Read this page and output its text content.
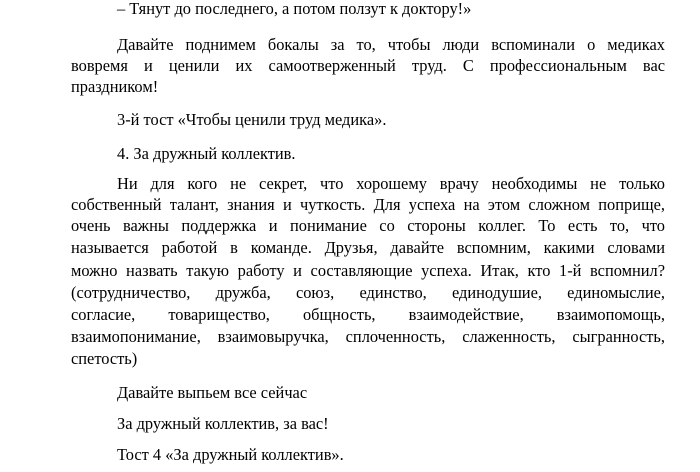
– Тянут до последнего, а потом ползут к доктору!»
Давайте поднимем бокалы за то, чтобы люди вспоминали о медиках
вовремя и ценили их самоотверженный труд. С профессиональным вас
праздником!
3-й тост «Чтобы ценили труд медика».
4. За дружный коллектив.
Ни для кого не секрет, что хорошему врачу необходимы не только
собственный талант, знания и чуткость. Для успеха на этом сложном поприще,
очень важны поддержка и понимание со стороны коллег. То есть то, что
называется работой в команде. Друзья, давайте вспомним, какими словами
можно назвать такую работу и составляющие успеха. Итак, кто 1-й вспомнил?
(сотрудничество, дружба, союз, единство, единодушие, единомыслие,
согласие, товарищество, общность, взаимодействие, взаимопомощь,
взаимопонимание, взаимовыручка, сплоченность, слаженность, сыгранность,
спетость)
Давайте выпьем все сейчас
За дружный коллектив, за вас!
Тост 4 «За дружный коллектив».
